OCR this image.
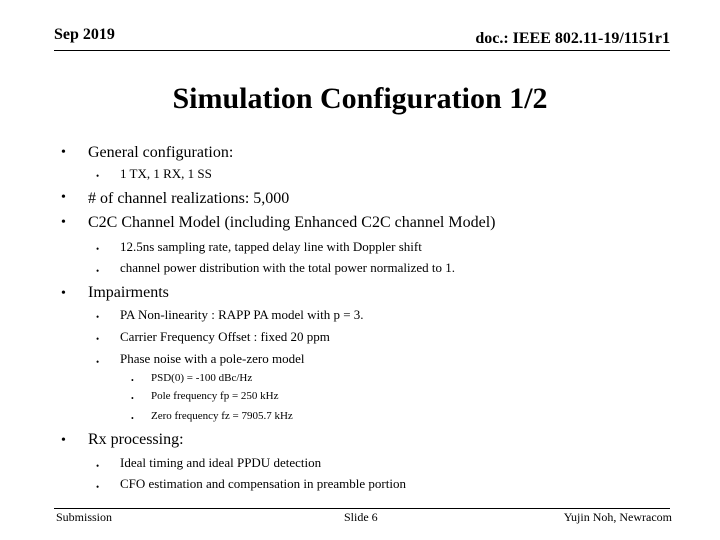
Sep 2019	doc.: IEEE 802.11-19/1151r1
Simulation Configuration 1/2
• General configuration:
• 1 TX, 1 RX, 1 SS
• # of channel realizations: 5,000
• C2C Channel Model (including Enhanced C2C channel Model)
• 12.5ns sampling rate, tapped delay line with Doppler shift
• channel power distribution with the total power normalized to 1.
• Impairments
• PA Non-linearity : RAPP PA model with p = 3.
• Carrier Frequency Offset : fixed 20 ppm
• Phase noise with a pole-zero model
• PSD(0) = -100 dBc/Hz
• Pole frequency fp = 250 kHz
• Zero frequency fz = 7905.7 kHz
• Rx processing:
• Ideal timing and ideal PPDU detection
• CFO estimation and compensation in preamble portion
Submission	Slide 6	Yujin Noh, Newracom
